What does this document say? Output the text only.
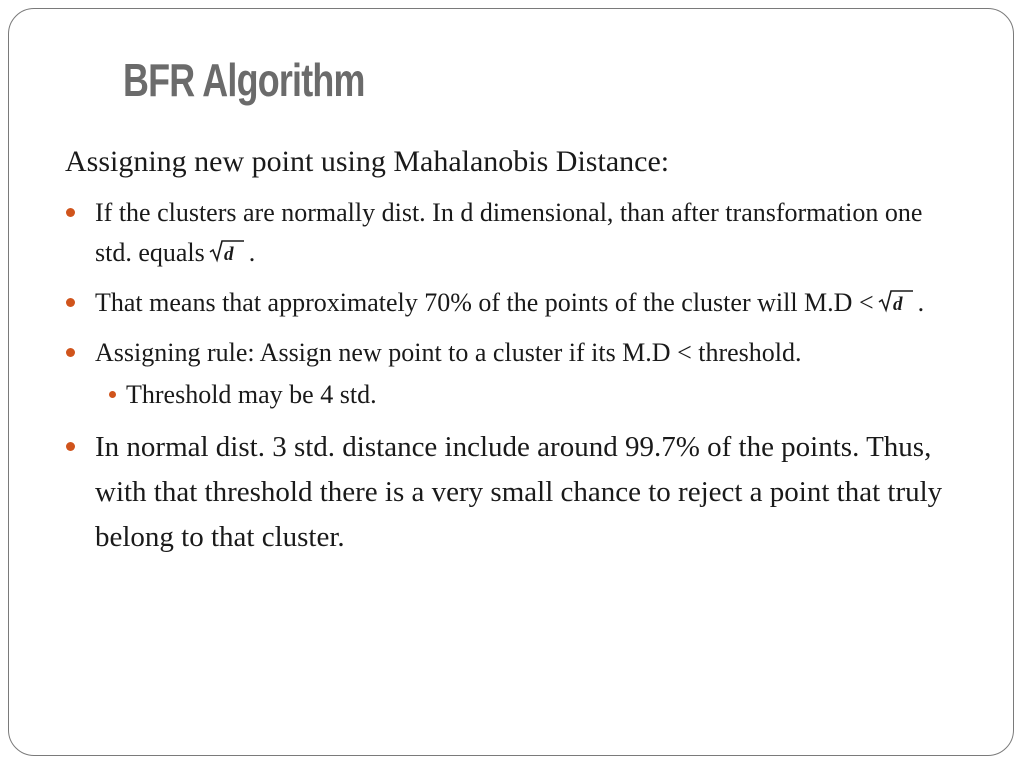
BFR Algorithm

Assigning new point using Mahalanobis Distance:

If the clusters are normally dist. In d dimensional, than after transformation one std. equals d .
That means that approximately 70% of the points of the cluster will M.D < d .
Assigning rule: Assign new point to a cluster if its M.D < threshold.
Threshold may be 4 std.
In normal dist. 3 std. distance include around 99.7% of the points. Thus, with that threshold there is a very small chance to reject a point that truly belong to that cluster.
